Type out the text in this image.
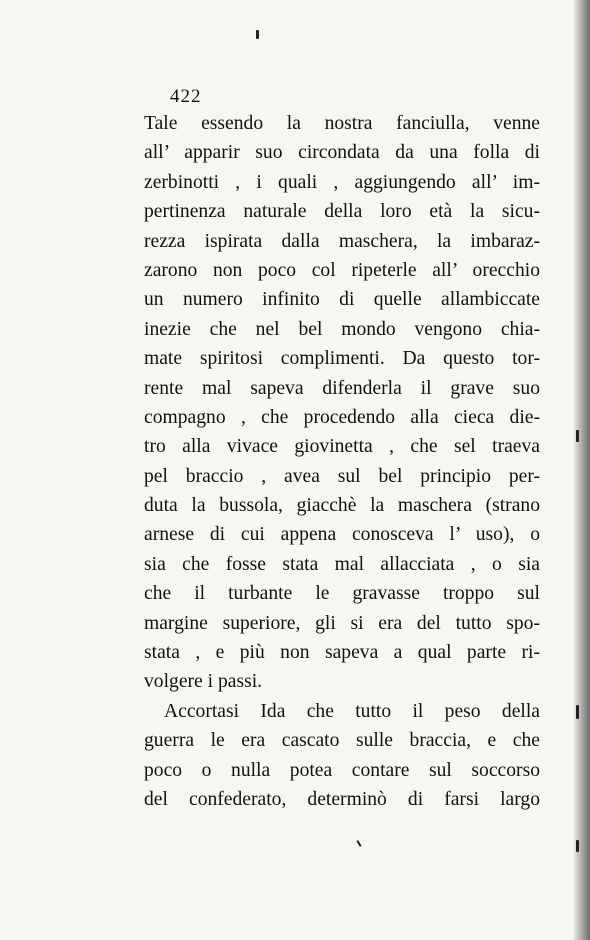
422
Tale essendo la nostra fanciulla, venne
all’ apparir suo circondata da una folla di
zerbinotti , i quali , aggiungendo all’ im-
pertinenza naturale della loro età la sicu-
rezza ispirata dalla maschera, la imbaraz-
zarono non poco col ripeterle all’ orecchio
un numero infinito di quelle allambiccate
inezie che nel bel mondo vengono chia-
mate spiritosi complimenti. Da questo tor-
rente mal sapeva difenderla il grave suo
compagno , che procedendo alla cieca die-
tro alla vivace giovinetta , che sel traeva
pel braccio , avea sul bel principio per-
duta la bussola, giacchè la maschera (strano
arnese di cui appena conosceva l’ uso), o
sia che fosse stata mal allacciata , o sia
che il turbante le gravasse troppo sul
margine superiore, gli si era del tutto spo-
stata , e più non sapeva a qual parte ri-
volgere i passi.
Accortasi Ida che tutto il peso della
guerra le era cascato sulle braccia, e che
poco o nulla potea contare sul soccorso
del confederato, determinò di farsi largo
